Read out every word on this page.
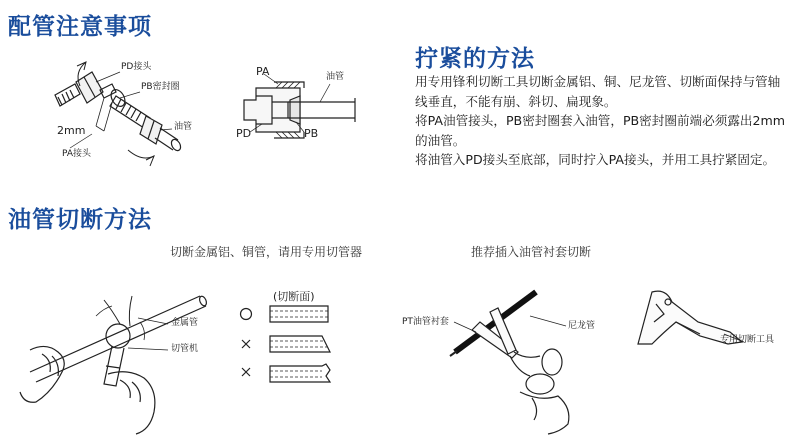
配管注意事项
拧紧的方法
油管切断方法

用专用锋利切断工具切断金属铝、铜、尼龙管、切断面保持与管轴线垂直，不能有崩、斜切、扁现象。

将PA油管接头，PB密封圈套入油管，PB密封圈前端必须露出2mm的油管。

将油管入PD接头至底部，同时拧入PA接头，并用工具拧紧固定。

PD接头
PB密封圈
2mm	油管
PA接头
PA	油管
PD	PB
切断金属铝、铜管，请用专用切管器	推荐插入油管衬套切断
(切断面)
金属管
切管机
PT油管衬套	尼龙管
专用切断工具
